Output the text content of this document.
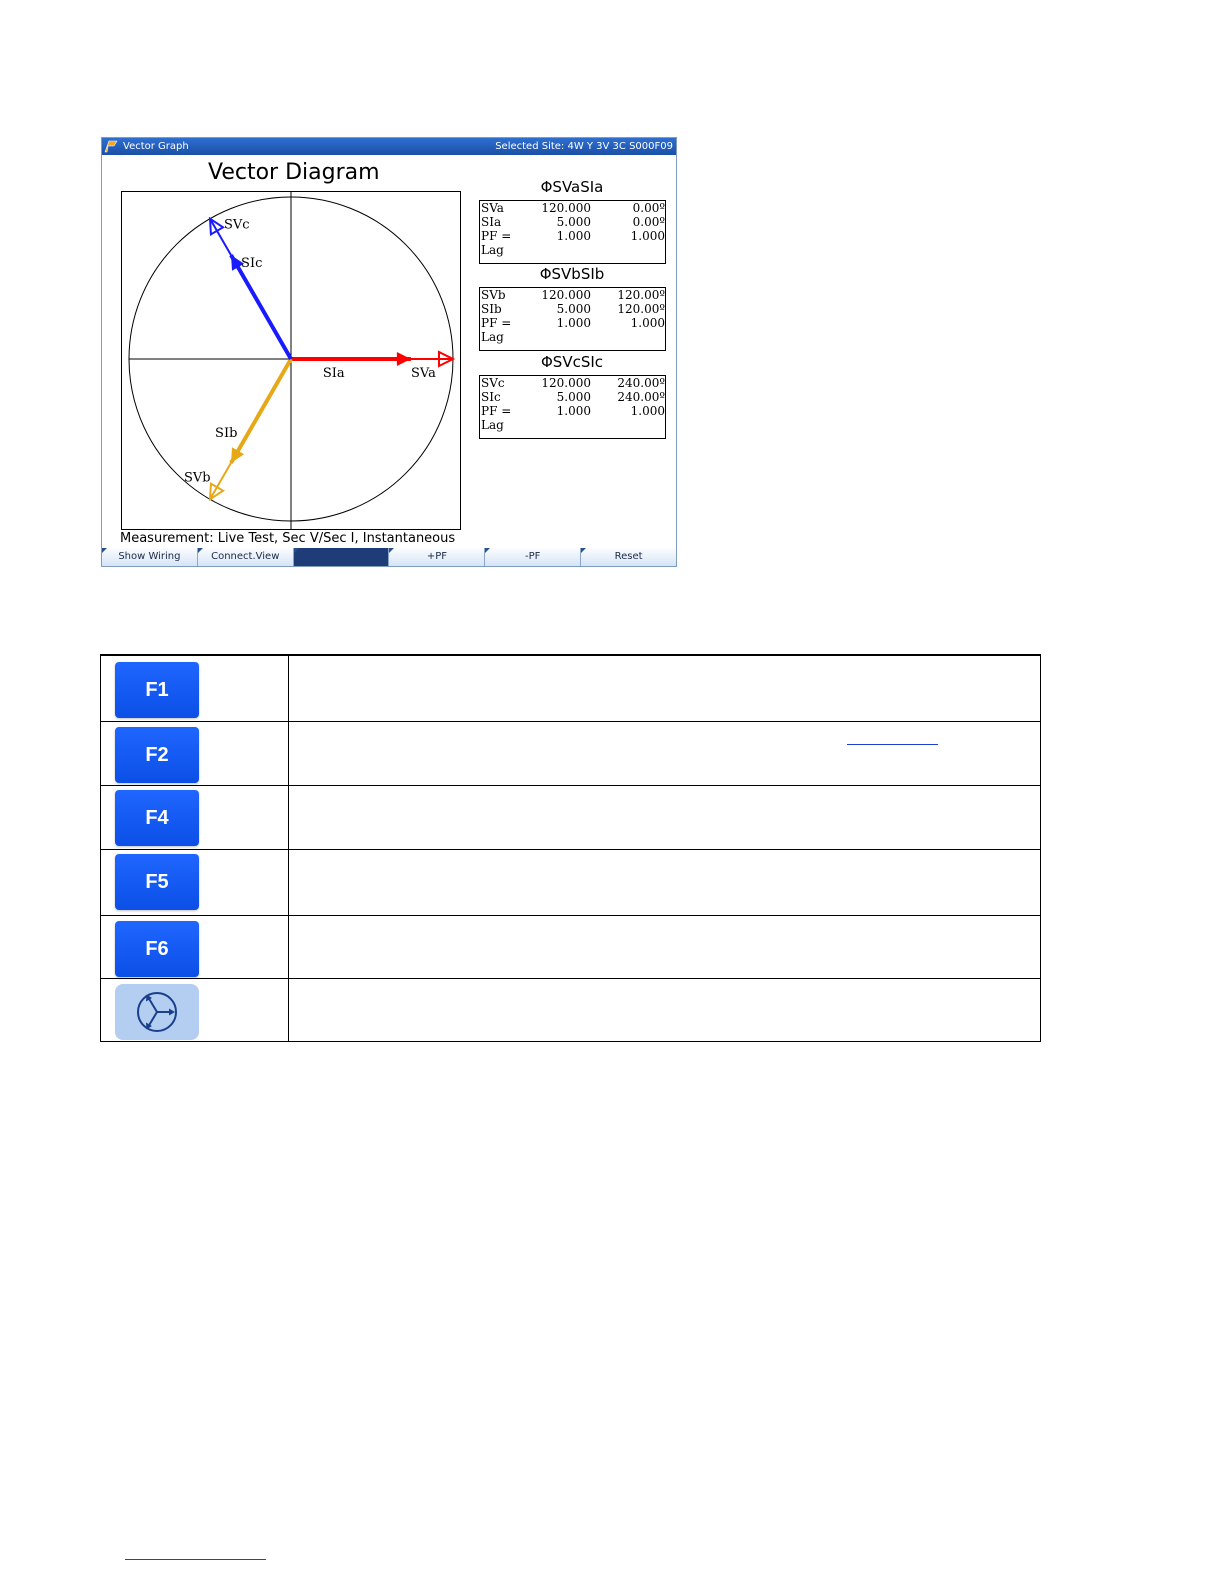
Vector Graph	Selected Site: 4W Y 3V 3C S000F09
Vector Diagram
SVc
SVb
SVa
SIa
SIb
SIc
ΦSVaSIa
SVa	120.000	0.00º
SIa	5.000	0.00º
PF =	1.000	1.000
Lag
ΦSVbSIb
SVb	120.000	120.00º
SIb	5.000	120.00º
PF =	1.000	1.000
Lag
ΦSVcSIc
SVc	120.000	240.00º
SIc	5.000	240.00º
PF =	1.000	1.000
Lag
Measurement: Live Test, Sec V/Sec I, Instantaneous
Show Wiring	Connect.View	+PF	-PF	Reset
F1
F2
F4
F5
F6
